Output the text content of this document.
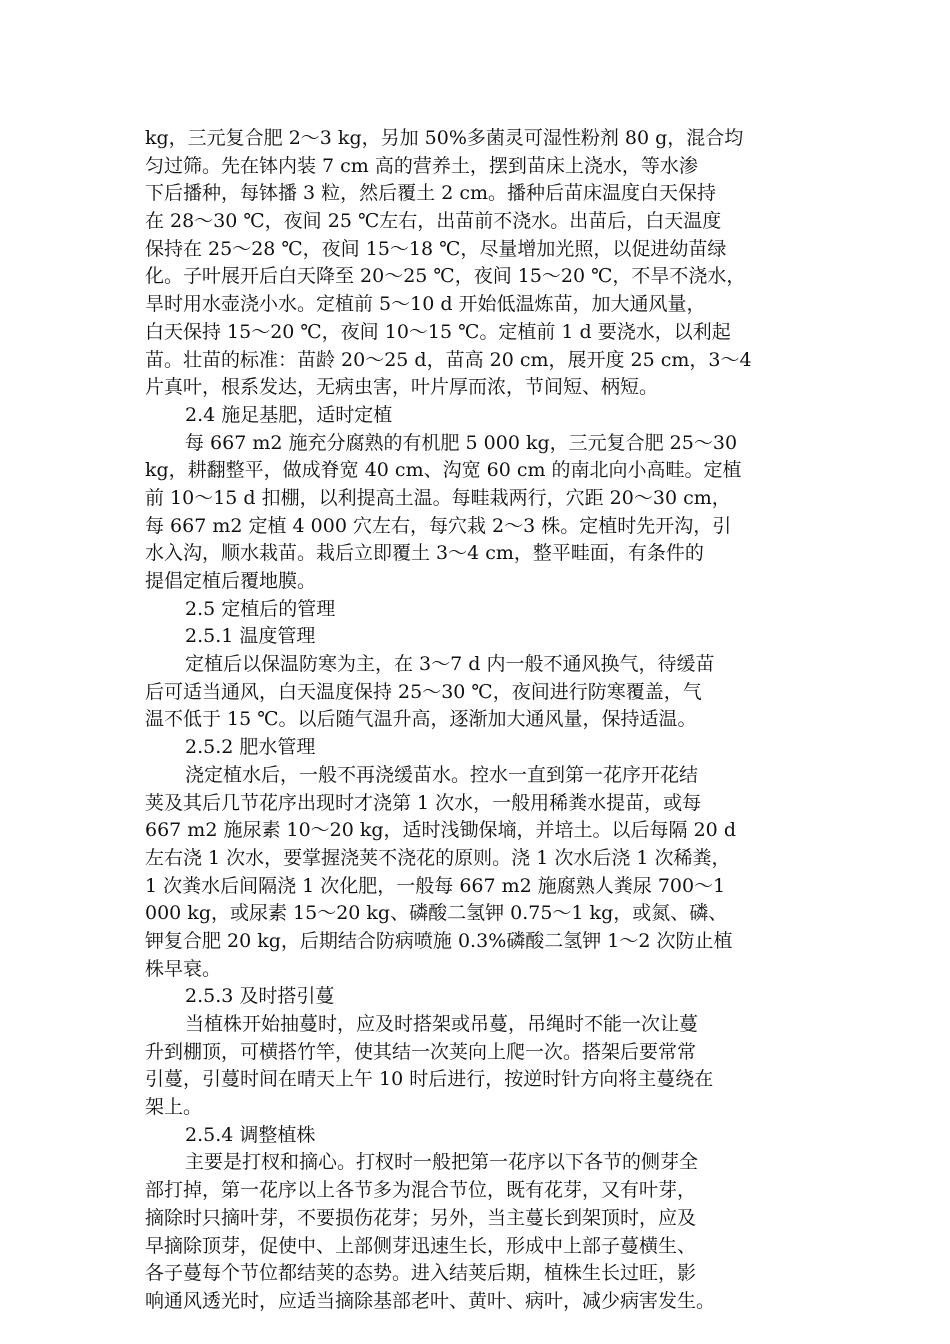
kg，三元复合肥 2～3 kg，另加 50%多菌灵可湿性粉剂 80 g，混合均
匀过筛。先在钵内装 7 cm 高的营养土，摆到苗床上浇水，等水渗
下后播种，每钵播 3 粒，然后覆土 2 cm。播种后苗床温度白天保持
在 28～30 ℃，夜间 25 ℃左右，出苗前不浇水。出苗后，白天温度
保持在 25～28 ℃，夜间 15～18 ℃，尽量增加光照，以促进幼苗绿
化。子叶展开后白天降至 20～25 ℃，夜间 15～20 ℃，不旱不浇水，
旱时用水壶浇小水。定植前 5～10 d 开始低温炼苗，加大通风量，
白天保持 15～20 ℃，夜间 10～15 ℃。定植前 1 d 要浇水，以利起
苗。壮苗的标准：苗龄 20～25 d，苗高 20 cm，展开度 25 cm，3～4
片真叶，根系发达，无病虫害，叶片厚而浓，节间短、柄短。
2.4 施足基肥，适时定植
每 667 m2 施充分腐熟的有机肥 5 000 kg，三元复合肥 25～30
kg，耕翻整平，做成脊宽 40 cm、沟宽 60 cm 的南北向小高畦。定植
前 10～15 d 扣棚，以利提高土温。每畦栽两行，穴距 20～30 cm，
每 667 m2 定植 4 000 穴左右，每穴栽 2～3 株。定植时先开沟，引
水入沟，顺水栽苗。栽后立即覆土 3～4 cm，整平畦面，有条件的
提倡定植后覆地膜。
2.5 定植后的管理
2.5.1 温度管理
定植后以保温防寒为主，在 3～7 d 内一般不通风换气，待缓苗
后可适当通风，白天温度保持 25～30 ℃，夜间进行防寒覆盖，气
温不低于 15 ℃。以后随气温升高，逐渐加大通风量，保持适温。
2.5.2 肥水管理
浇定植水后，一般不再浇缓苗水。控水一直到第一花序开花结
荚及其后几节花序出现时才浇第 1 次水，一般用稀粪水提苗，或每
667 m2 施尿素 10～20 kg，适时浅锄保墒，并培土。以后每隔 20 d
左右浇 1 次水，要掌握浇荚不浇花的原则。浇 1 次水后浇 1 次稀粪，
1 次粪水后间隔浇 1 次化肥，一般每 667 m2 施腐熟人粪尿 700～1
000 kg，或尿素 15～20 kg、磷酸二氢钾 0.75～1 kg，或氮、磷、
钾复合肥 20 kg，后期结合防病喷施 0.3%磷酸二氢钾 1～2 次防止植
株早衰。
2.5.3 及时搭引蔓
当植株开始抽蔓时，应及时搭架或吊蔓，吊绳时不能一次让蔓
升到棚顶，可横搭竹竿，使其结一次荚向上爬一次。搭架后要常常
引蔓，引蔓时间在晴天上午 10 时后进行，按逆时针方向将主蔓绕在
架上。
2.5.4 调整植株
主要是打杈和摘心。打杈时一般把第一花序以下各节的侧芽全
部打掉，第一花序以上各节多为混合节位，既有花芽，又有叶芽，
摘除时只摘叶芽，不要损伤花芽；另外，当主蔓长到架顶时，应及
早摘除顶芽，促使中、上部侧芽迅速生长，形成中上部子蔓横生、
各子蔓每个节位都结荚的态势。进入结荚后期，植株生长过旺，影
响通风透光时，应适当摘除基部老叶、黄叶、病叶，减少病害发生。
